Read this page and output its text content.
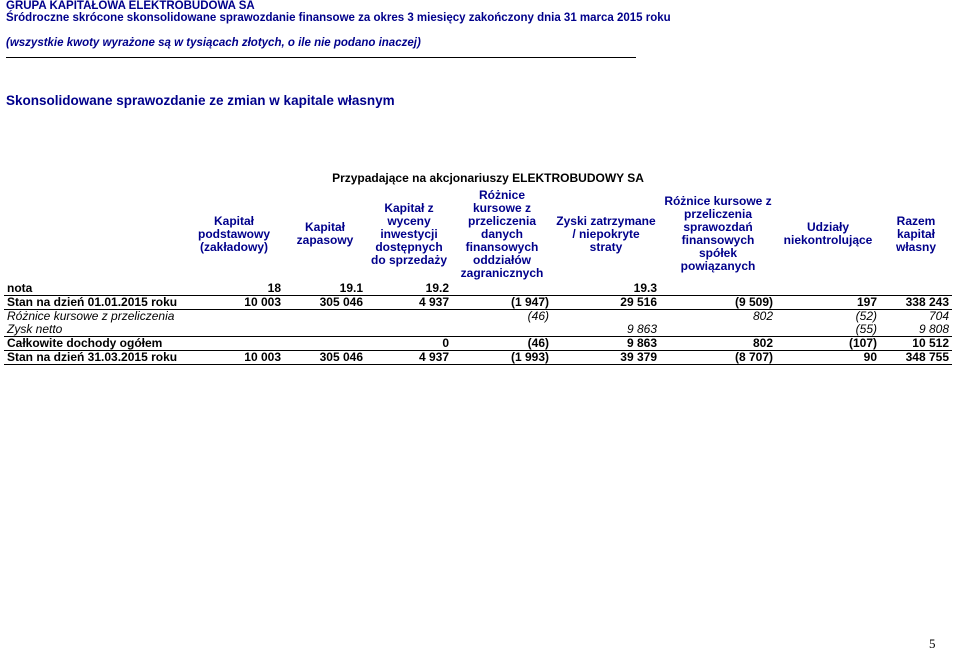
GRUPA KAPITAŁOWA ELEKTROBUDOWA SA
Śródroczne skrócone skonsolidowane sprawozdanie finansowe za okres 3 miesięcy zakończony dnia 31 marca 2015 roku
(wszystkie kwoty wyrażone są w tysiącach złotych, o ile nie podano inaczej)
Skonsolidowane sprawozdanie ze zmian w kapitale własnym
Przypadające na akcjonariuszy ELEKTROBUDOWY SA
	Kapitał podstawowy (zakładowy)	Kapitał zapasowy	Kapitał z wyceny inwestycji dostępnych do sprzedaży	Różnice kursowe z przeliczenia danych finansowych oddziałów zagranicznych	Zyski zatrzymane / niepokryte straty	Różnice kursowe z przeliczenia sprawozdań finansowych spółek powiązanych	Udziały niekontrolujące	Razem kapitał własny
nota	18	19.1	19.2		19.3			
Stan na dzień 01.01.2015 roku	10 003	305 046	4 937	(1 947)	29 516	(9 509)	197	338 243
Różnice kursowe z przeliczenia				(46)		802	(52)	704
Zysk netto					9 863		(55)	9 808
Całkowite dochody ogółem			0	(46)	9 863	802	(107)	10 512
Stan na dzień 31.03.2015 roku	10 003	305 046	4 937	(1 993)	39 379	(8 707)	90	348 755
5
